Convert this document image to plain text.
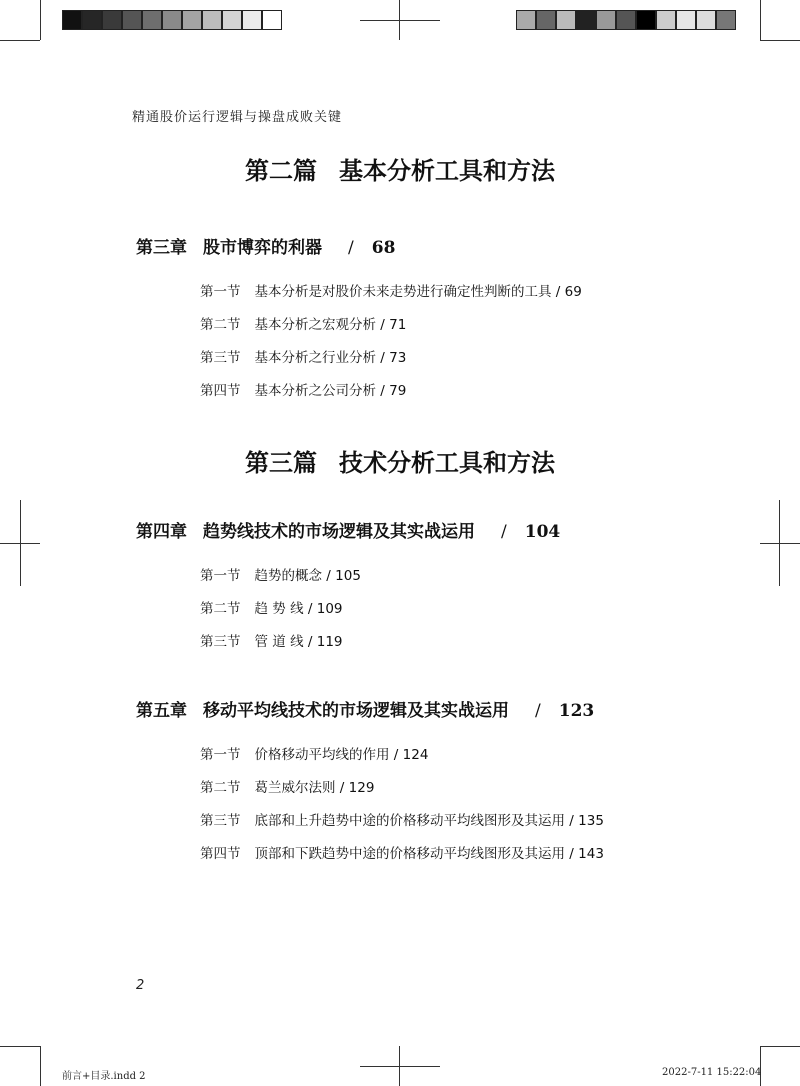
精通股价运行逻辑与操盘成败关键
第二篇 基本分析工具和方法
第三章 股市博弈的利器 / 68
第一节 基本分析是对股价未来走势进行确定性判断的工具 / 69
第二节 基本分析之宏观分析 / 71
第三节 基本分析之行业分析 / 73
第四节 基本分析之公司分析 / 79
第三篇 技术分析工具和方法
第四章 趋势线技术的市场逻辑及其实战运用 / 104
第一节 趋势的概念 / 105
第二节 趋 势 线 / 109
第三节 管 道 线 / 119
第五章 移动平均线技术的市场逻辑及其实战运用 / 123
第一节 价格移动平均线的作用 / 124
第二节 葛兰威尔法则 / 129
第三节 底部和上升趋势中途的价格移动平均线图形及其运用 / 135
第四节 顶部和下跌趋势中途的价格移动平均线图形及其运用 / 143
2
前言+目录.indd 2	2022-7-11 15:22:04
